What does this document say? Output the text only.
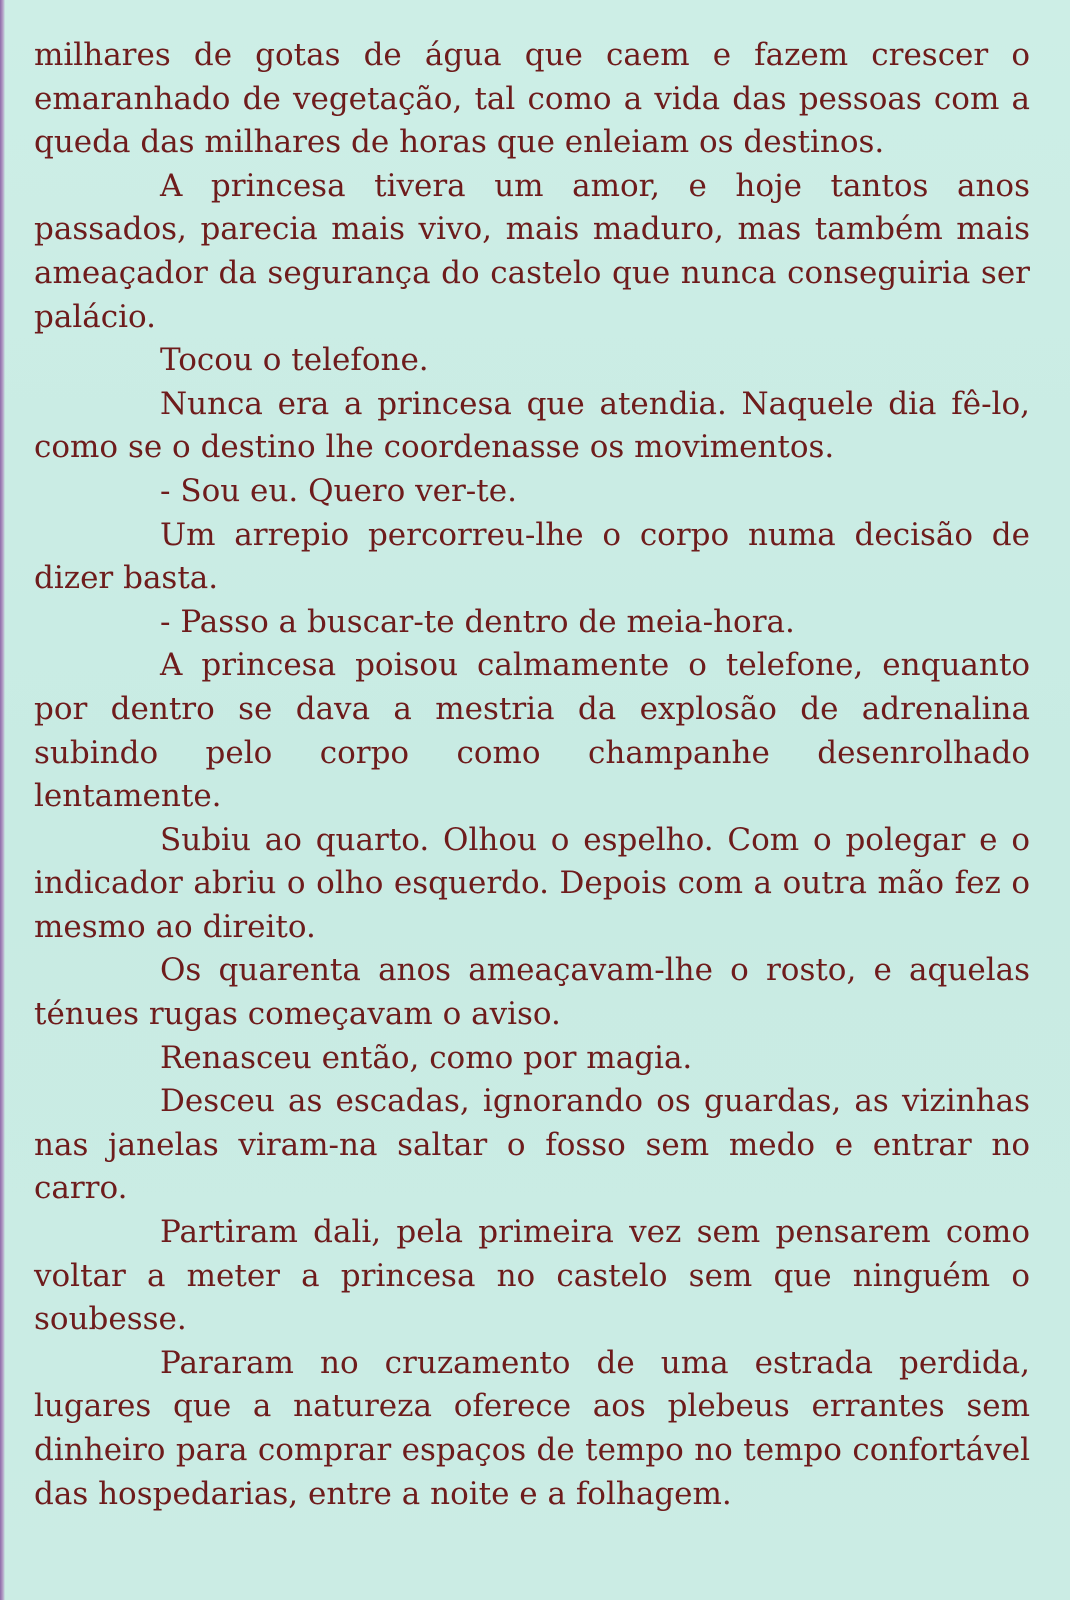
milhares de gotas de água que caem e fazem crescer o emaranhado de vegetação, tal como a vida das pessoas com a queda das milhares de horas que enleiam os destinos.

A princesa tivera um amor, e hoje tantos anos passados, parecia mais vivo, mais maduro, mas também mais ameaçador da segurança do castelo que nunca conseguiria ser palácio.

Tocou o telefone.

Nunca era a princesa que atendia. Naquele dia fê-lo, como se o destino lhe coordenasse os movimentos.

- Sou eu. Quero ver-te.

Um arrepio percorreu-lhe o corpo numa decisão de dizer basta.

- Passo a buscar-te dentro de meia-hora.

A princesa poisou calmamente o telefone, enquanto por dentro se dava a mestria da explosão de adrenalina subindo pelo corpo como champanhe desenrolhado lentamente.

Subiu ao quarto. Olhou o espelho. Com o polegar e o indicador abriu o olho esquerdo. Depois com a outra mão fez o mesmo ao direito.

Os quarenta anos ameaçavam-lhe o rosto, e aquelas ténues rugas começavam o aviso.

Renasceu então, como por magia.

Desceu as escadas, ignorando os guardas, as vizinhas nas janelas viram-na saltar o fosso sem medo e entrar no carro.

Partiram dali, pela primeira vez sem pensarem como voltar a meter a princesa no castelo sem que ninguém o soubesse.

Pararam no cruzamento de uma estrada perdida, lugares que a natureza oferece aos plebeus errantes sem dinheiro para comprar espaços de tempo no tempo confortável das hospedarias, entre a noite e a folhagem.
